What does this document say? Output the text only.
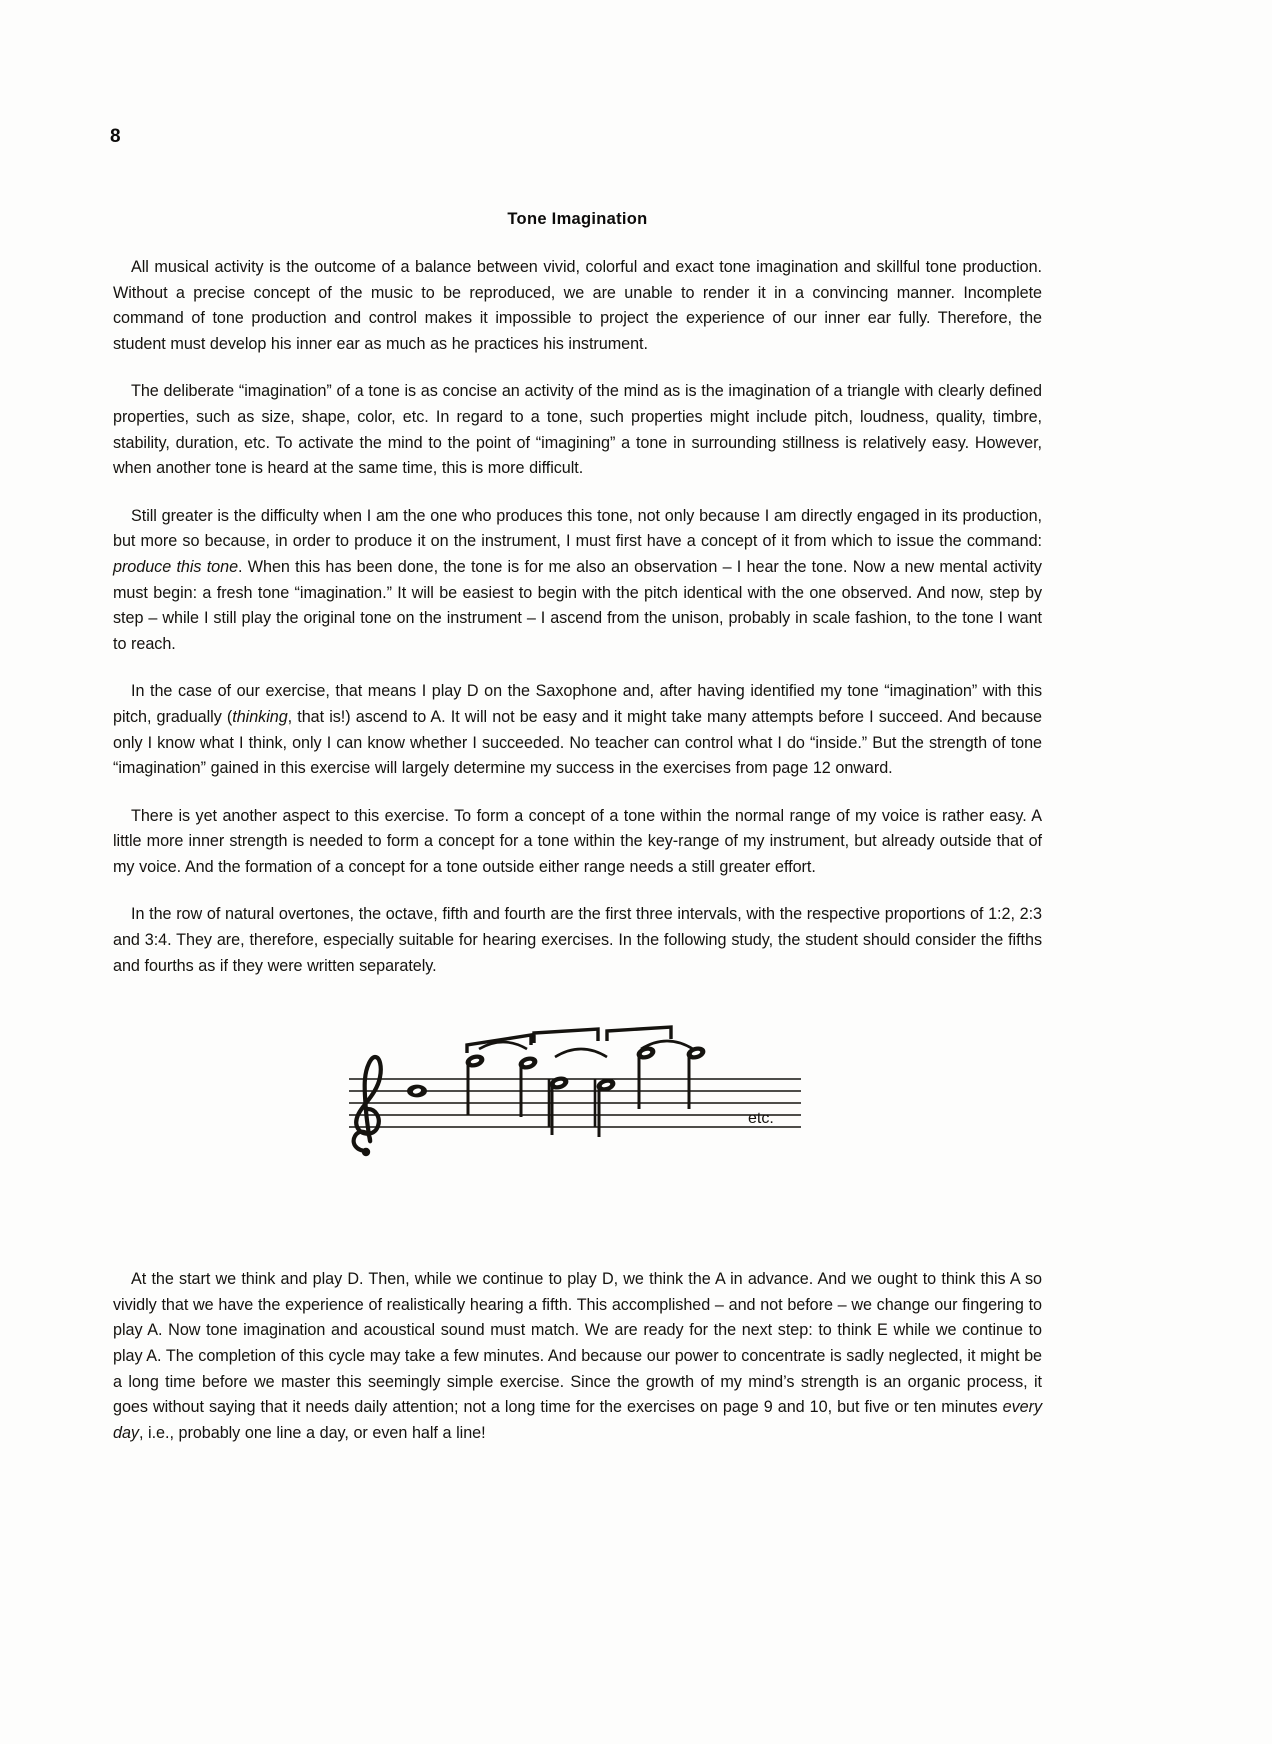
8
Tone Imagination

All musical activity is the outcome of a balance between vivid, colorful and exact tone imagination and skillful tone production. Without a precise concept of the music to be reproduced, we are unable to render it in a convincing manner. Incomplete command of tone production and control makes it impossible to project the experience of our inner ear fully. Therefore, the student must develop his inner ear as much as he practices his instrument.

The deliberate “imagination” of a tone is as concise an activity of the mind as is the imagination of a triangle with clearly defined properties, such as size, shape, color, etc. In regard to a tone, such properties might include pitch, loudness, quality, timbre, stability, duration, etc. To activate the mind to the point of “imagining” a tone in surrounding stillness is relatively easy. However, when another tone is heard at the same time, this is more difficult.

Still greater is the difficulty when I am the one who produces this tone, not only because I am directly engaged in its production, but more so because, in order to produce it on the instrument, I must first have a concept of it from which to issue the command: produce this tone. When this has been done, the tone is for me also an observation – I hear the tone. Now a new mental activity must begin: a fresh tone “imagination.” It will be easiest to begin with the pitch identical with the one observed. And now, step by step – while I still play the original tone on the instrument – I ascend from the unison, probably in scale fashion, to the tone I want to reach.

In the case of our exercise, that means I play D on the Saxophone and, after having identified my tone “imagination” with this pitch, gradually (thinking, that is!) ascend to A. It will not be easy and it might take many attempts before I succeed. And because only I know what I think, only I can know whether I succeeded. No teacher can control what I do “inside.” But the strength of tone “imagination” gained in this exercise will largely determine my success in the exercises from page 12 onward.

There is yet another aspect to this exercise. To form a concept of a tone within the normal range of my voice is rather easy. A little more inner strength is needed to form a concept for a tone within the key-range of my instrument, but already outside that of my voice. And the formation of a concept for a tone outside either range needs a still greater effort.

In the row of natural overtones, the octave, fifth and fourth are the first three intervals, with the respective proportions of 1:2, 2:3 and 3:4. They are, therefore, especially suitable for hearing exercises. In the following study, the student should consider the fifths and fourths as if they were written separately.

etc.

At the start we think and play D. Then, while we continue to play D, we think the A in advance. And we ought to think this A so vividly that we have the experience of realistically hearing a fifth. This accomplished – and not before – we change our fingering to play A. Now tone imagination and acoustical sound must match. We are ready for the next step: to think E while we continue to play A. The completion of this cycle may take a few minutes. And because our power to concentrate is sadly neglected, it might be a long time before we master this seemingly simple exercise. Since the growth of my mind’s strength is an organic process, it goes without saying that it needs daily attention; not a long time for the exercises on page 9 and 10, but five or ten minutes every day, i.e., probably one line a day, or even half a line!
